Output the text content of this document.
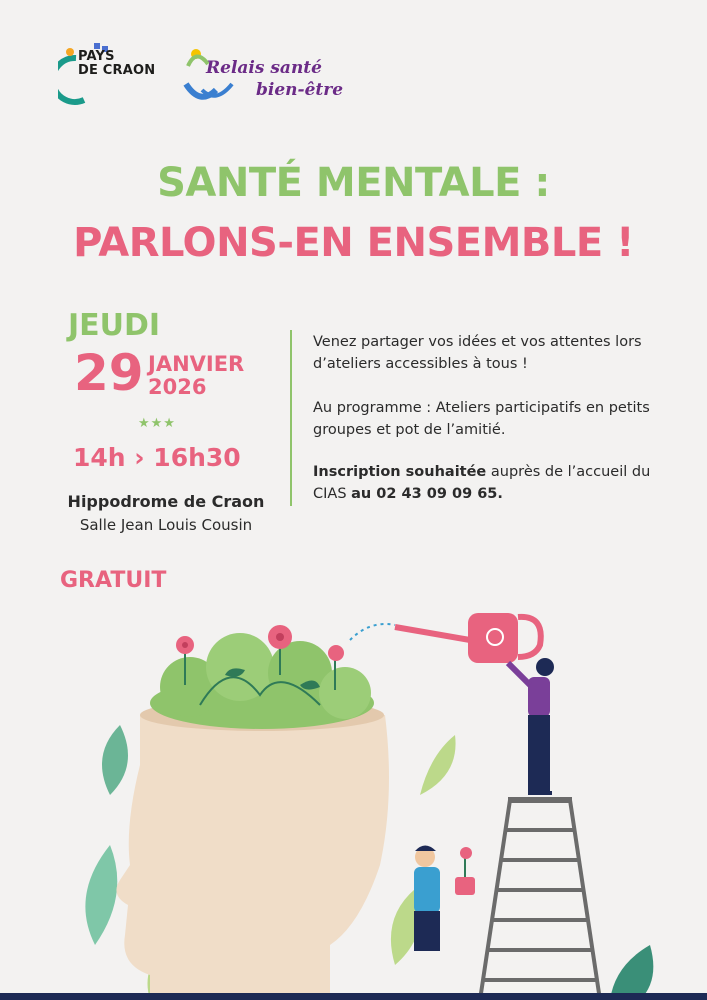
PAYS
DE CRAON	Relais santé
bien-être
SANTÉ MENTALE :
PARLONS-EN ENSEMBLE !
JEUDI
29 JANVIER
2026
★★★
14h › 16h30
Hippodrome de Craon
Salle Jean Louis Cousin
GRATUIT
Venez partager vos idées et vos attentes lors d’ateliers accessibles à tous !
Au programme : Ateliers participatifs en petits groupes et pot de l’amitié.
Inscription souhaitée auprès de l’accueil du CIAS au 02 43 09 09 65.
